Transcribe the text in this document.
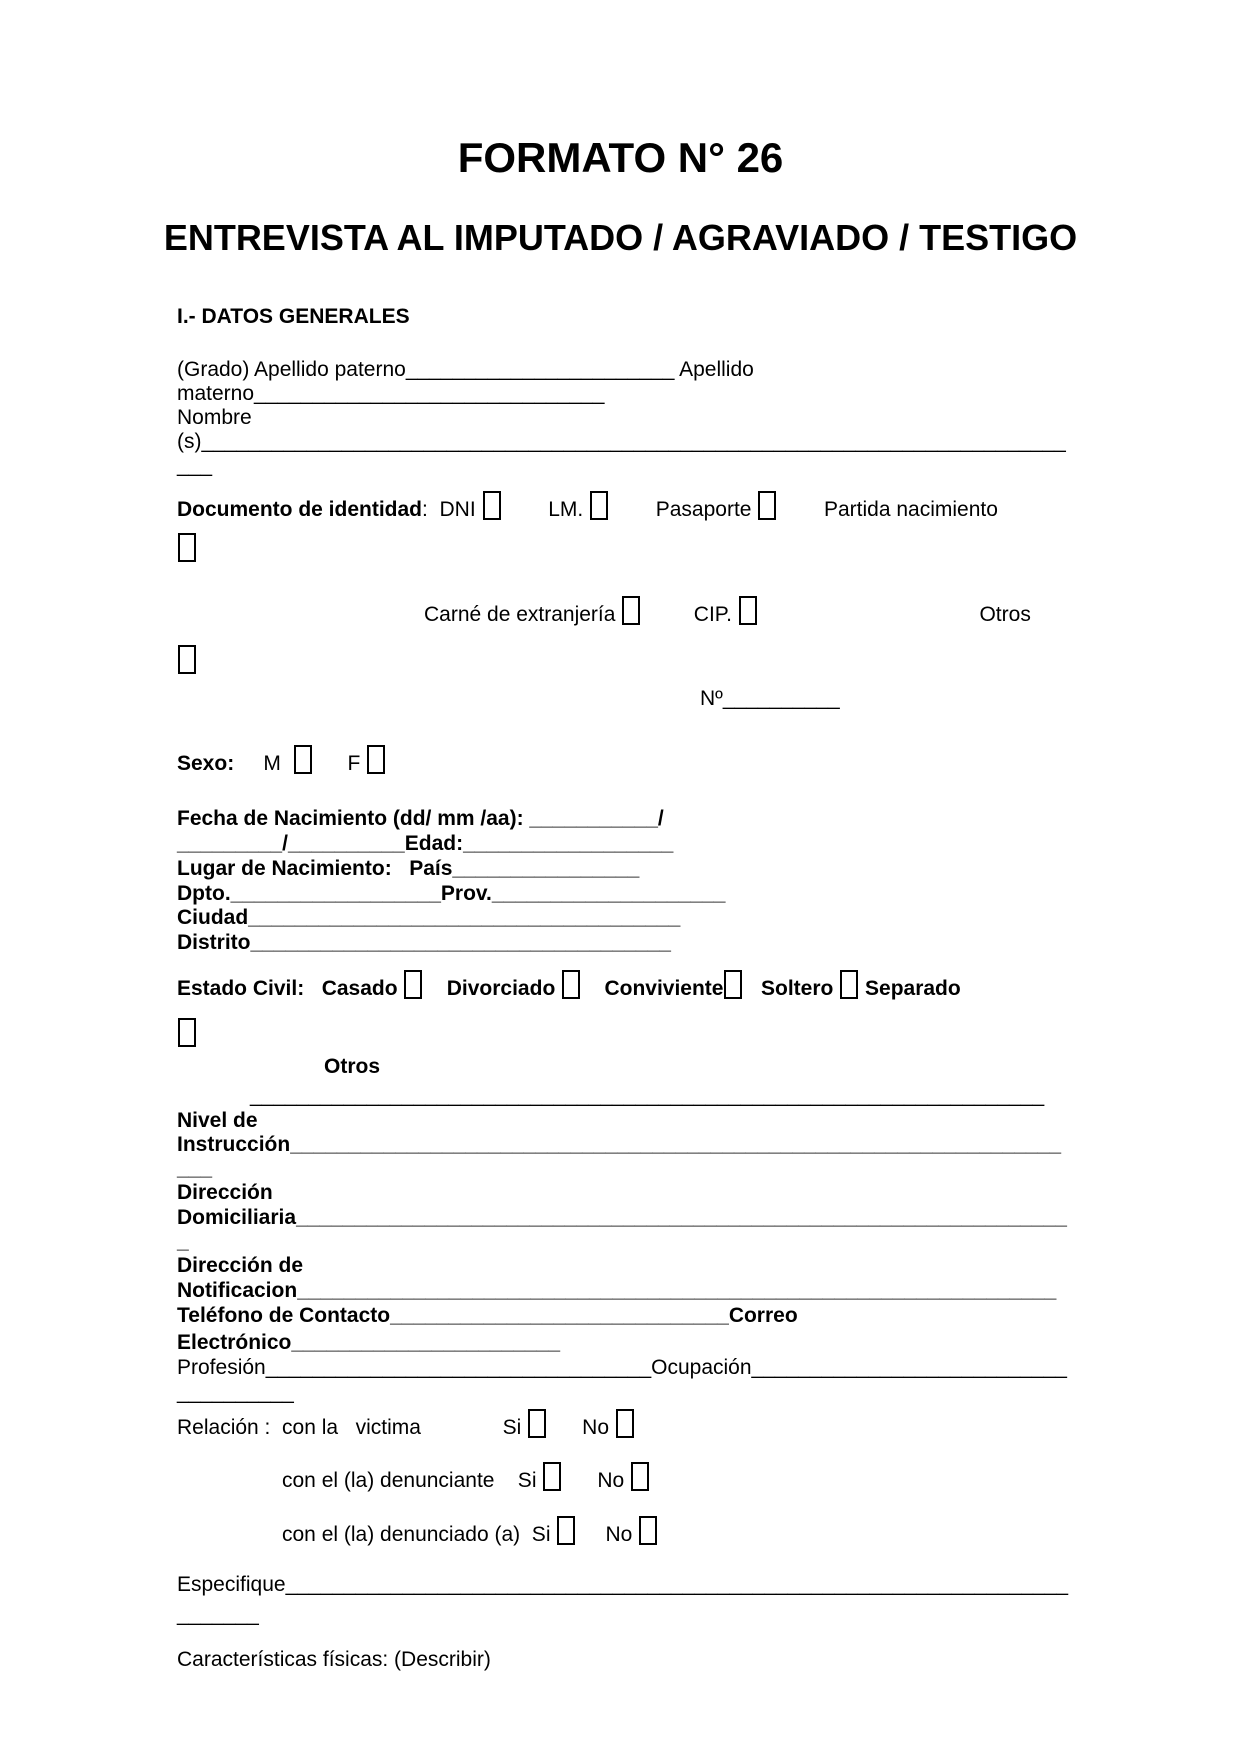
FORMATO N° 26
ENTREVISTA AL IMPUTADO / AGRAVIADO / TESTIGO
I.- DATOS GENERALES
(Grado) Apellido paterno_______________________ Apellido
materno______________________________
Nombre
(s)__________________________________________________________________________
___
Documento de identidad:  DNI         LM.         Pasaporte         Partida nacimiento
Carné de extranjería          CIP.                                       Otros
Nº__________
Sexo:     M        F
Fecha de Nacimiento (dd/ mm /aa): ___________/
_________/__________Edad:__________________
Lugar de Nacimiento:   País________________
Dpto.__________________Prov.____________________
Ciudad_____________________________________
Distrito____________________________________
Estado Civil:   Casado     Divorciado     Conviviente   Soltero  Separado
Otros
____________________________________________________________________
Nivel de
Instrucción__________________________________________________________________
___
Dirección
Domiciliaria__________________________________________________________________
_
Dirección de
Notificacion_________________________________________________________________
Teléfono de Contacto_____________________________Correo
Electrónico_______________________
Profesión_________________________________Ocupación___________________________
__________
Relación :  con la   victima              Si       No
con el (la) denunciante    Si       No
con el (la) denunciado (a)  Si      No
Especifique___________________________________________________________________
_______
Características físicas: (Describir)
